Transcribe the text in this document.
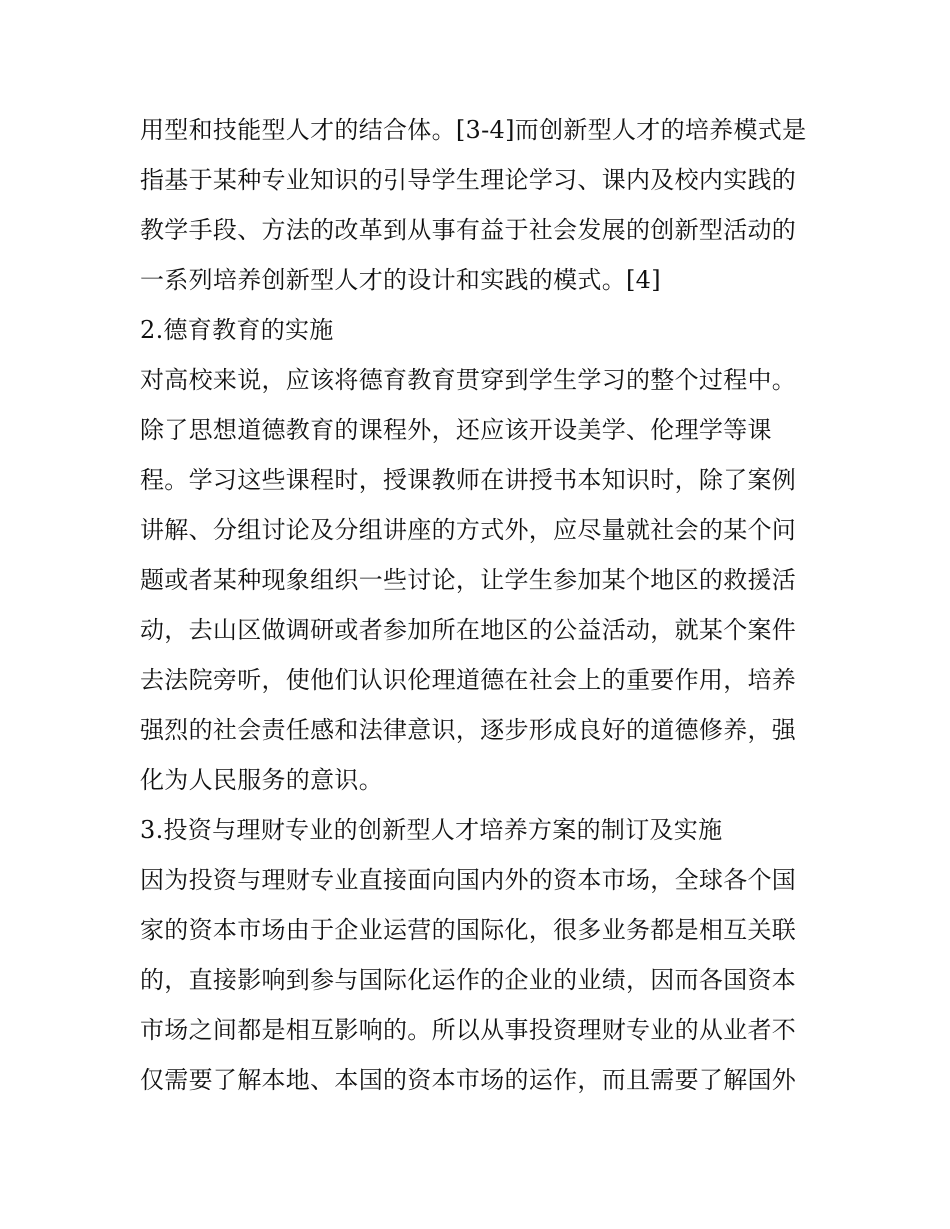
用型和技能型人才的结合体。[3-4]而创新型人才的培养模式是
指基于某种专业知识的引导学生理论学习、课内及校内实践的
教学手段、方法的改革到从事有益于社会发展的创新型活动的
一系列培养创新型人才的设计和实践的模式。[4]
2.德育教育的实施
对高校来说，应该将德育教育贯穿到学生学习的整个过程中。
除了思想道德教育的课程外，还应该开设美学、伦理学等课
程。学习这些课程时，授课教师在讲授书本知识时，除了案例
讲解、分组讨论及分组讲座的方式外，应尽量就社会的某个问
题或者某种现象组织一些讨论，让学生参加某个地区的救援活
动，去山区做调研或者参加所在地区的公益活动，就某个案件
去法院旁听，使他们认识伦理道德在社会上的重要作用，培养
强烈的社会责任感和法律意识，逐步形成良好的道德修养，强
化为人民服务的意识。
3.投资与理财专业的创新型人才培养方案的制订及实施
因为投资与理财专业直接面向国内外的资本市场，全球各个国
家的资本市场由于企业运营的国际化，很多业务都是相互关联
的，直接影响到参与国际化运作的企业的业绩，因而各国资本
市场之间都是相互影响的。所以从事投资理财专业的从业者不
仅需要了解本地、本国的资本市场的运作，而且需要了解国外
